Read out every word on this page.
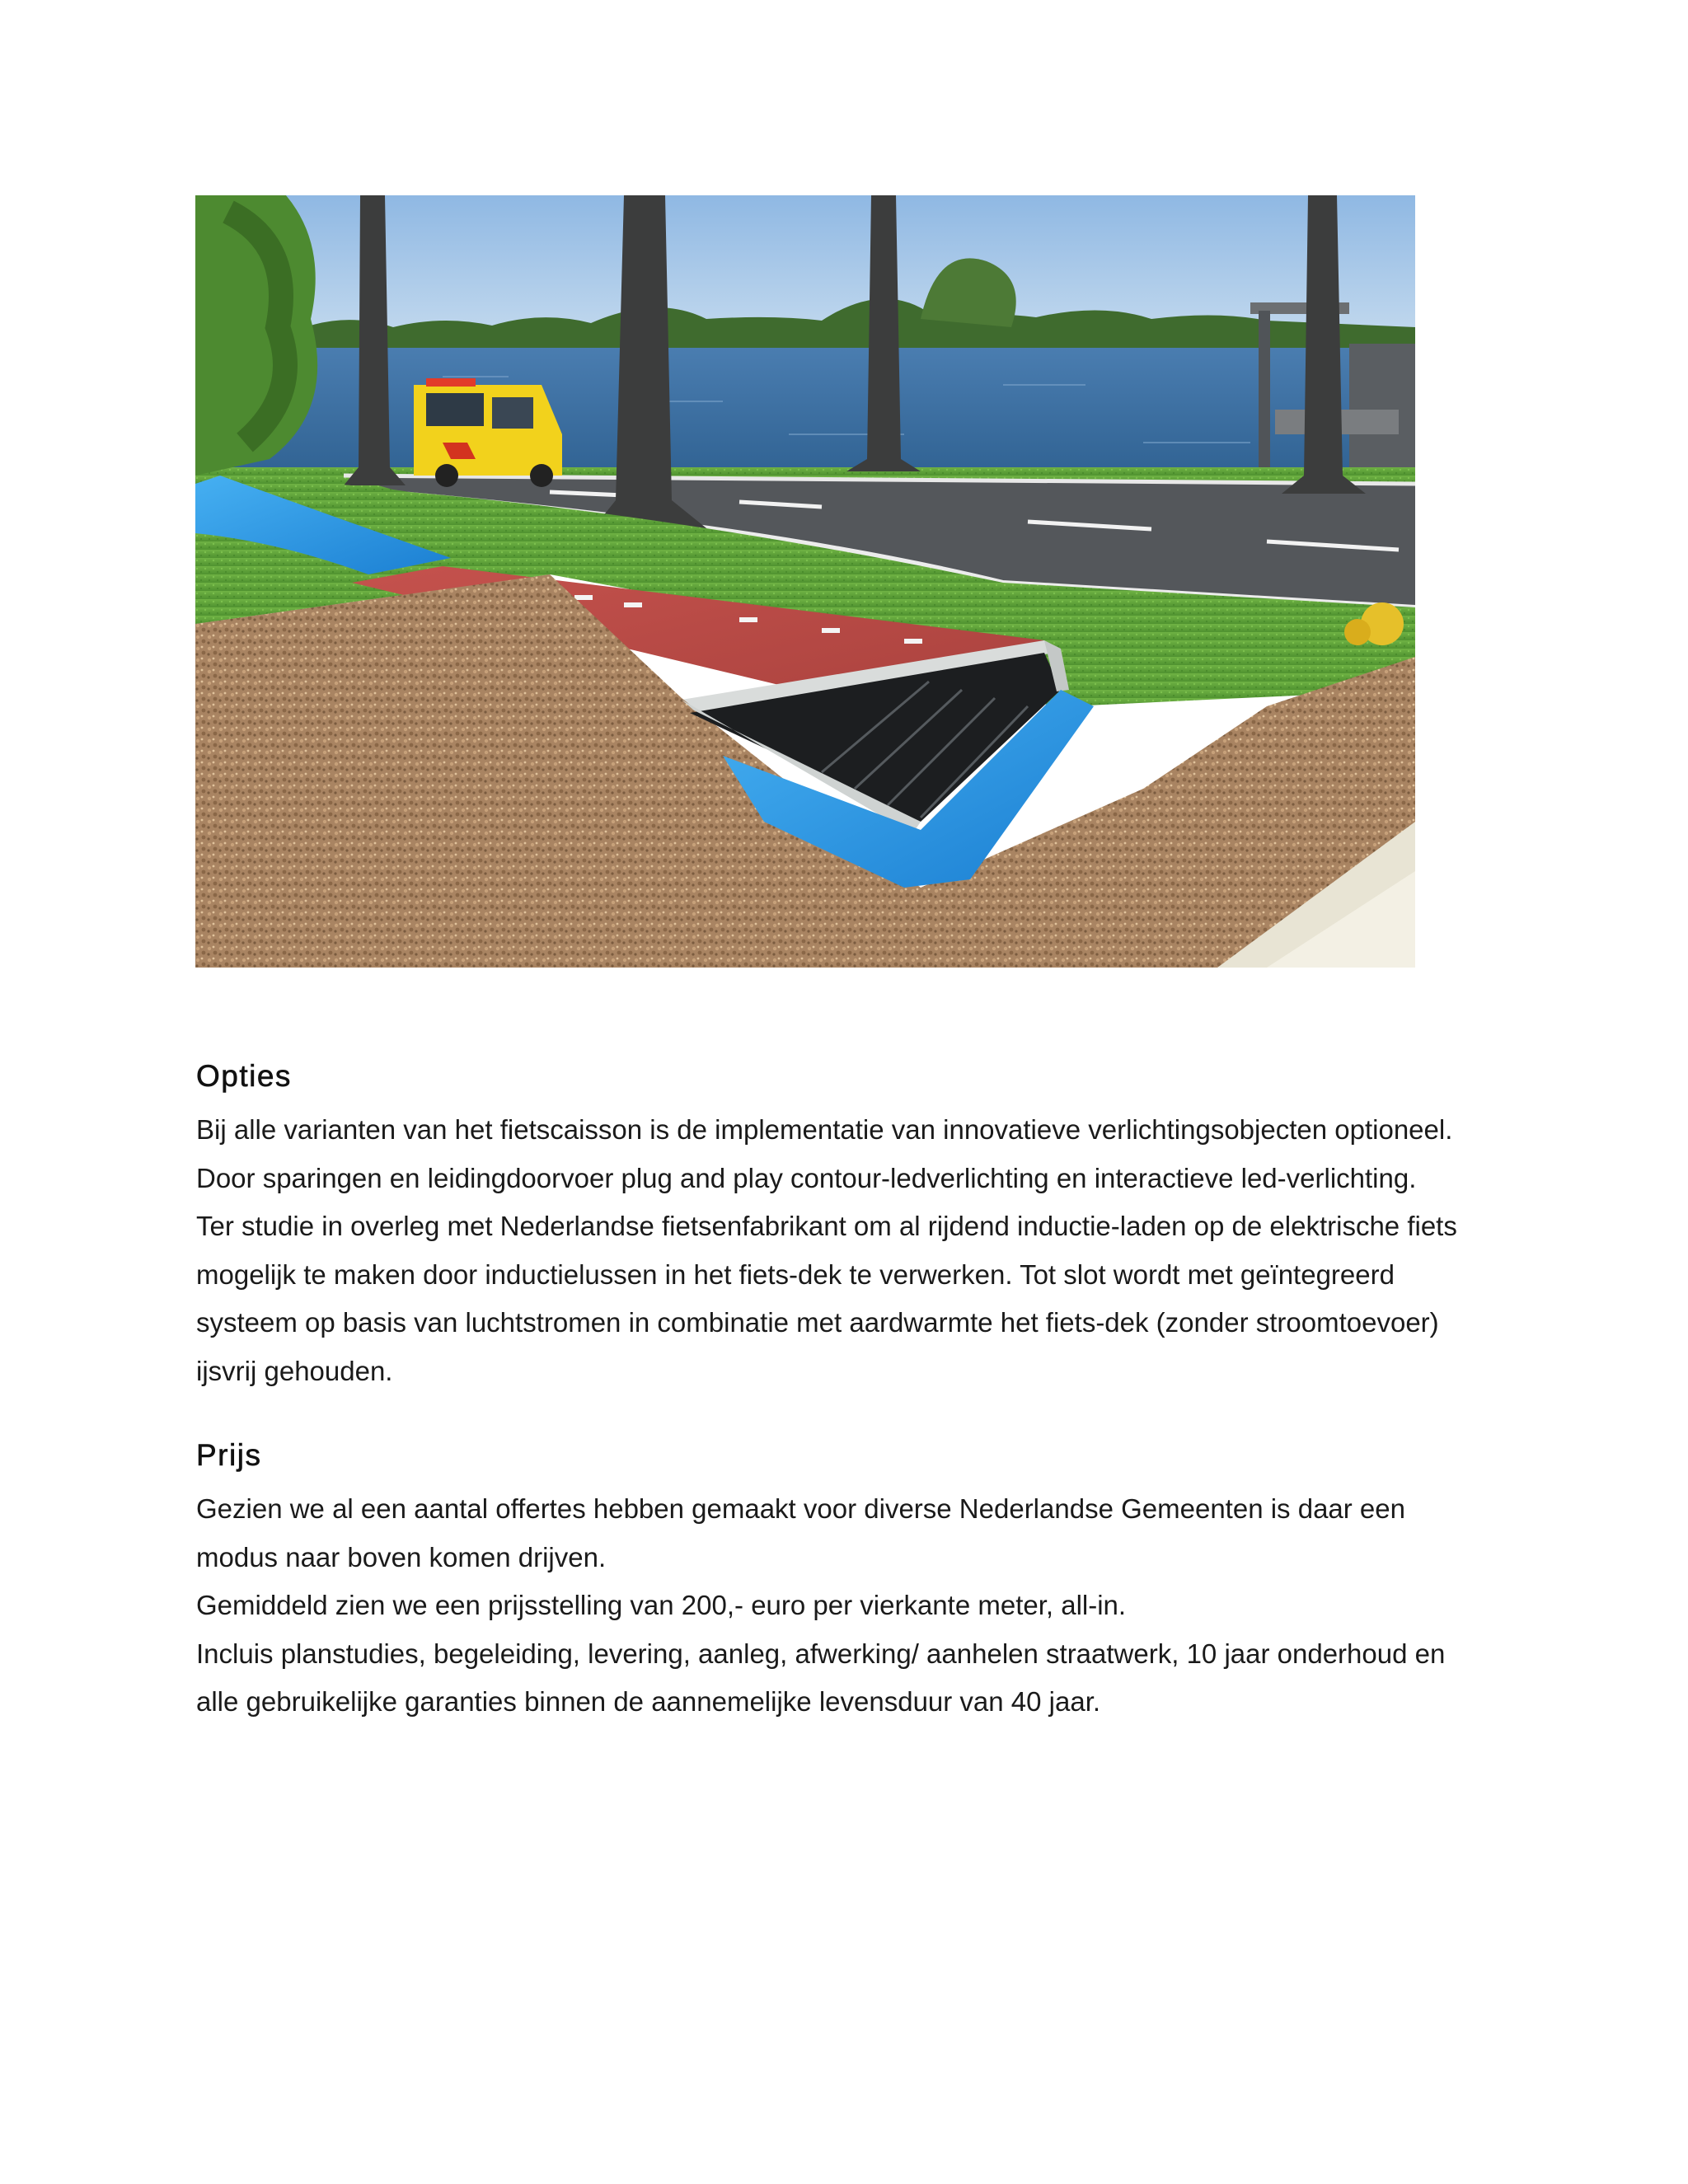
Opties

Bij alle varianten van het fietscaisson is de implementatie van innovatieve verlichtingsobjecten optioneel.
Door sparingen en leidingdoorvoer plug and play contour-ledverlichting en interactieve led-verlichting.
Ter studie in overleg met Nederlandse fietsenfabrikant om al rijdend inductie-laden op de elektrische fiets
mogelijk te maken door inductielussen in het fiets-dek te verwerken. Tot slot wordt met geïntegreerd
systeem op basis van luchtstromen in combinatie met aardwarmte het fiets-dek (zonder stroomtoevoer)
ijsvrij gehouden.

Prijs

Gezien we al een aantal offertes hebben gemaakt voor diverse Nederlandse Gemeenten is daar een
modus naar boven komen drijven.
Gemiddeld zien we een prijsstelling van 200,- euro per vierkante meter, all-in.
Incluis planstudies, begeleiding, levering, aanleg, afwerking/ aanhelen straatwerk, 10 jaar onderhoud en
alle gebruikelijke garanties binnen de aannemelijke levensduur van 40 jaar.
